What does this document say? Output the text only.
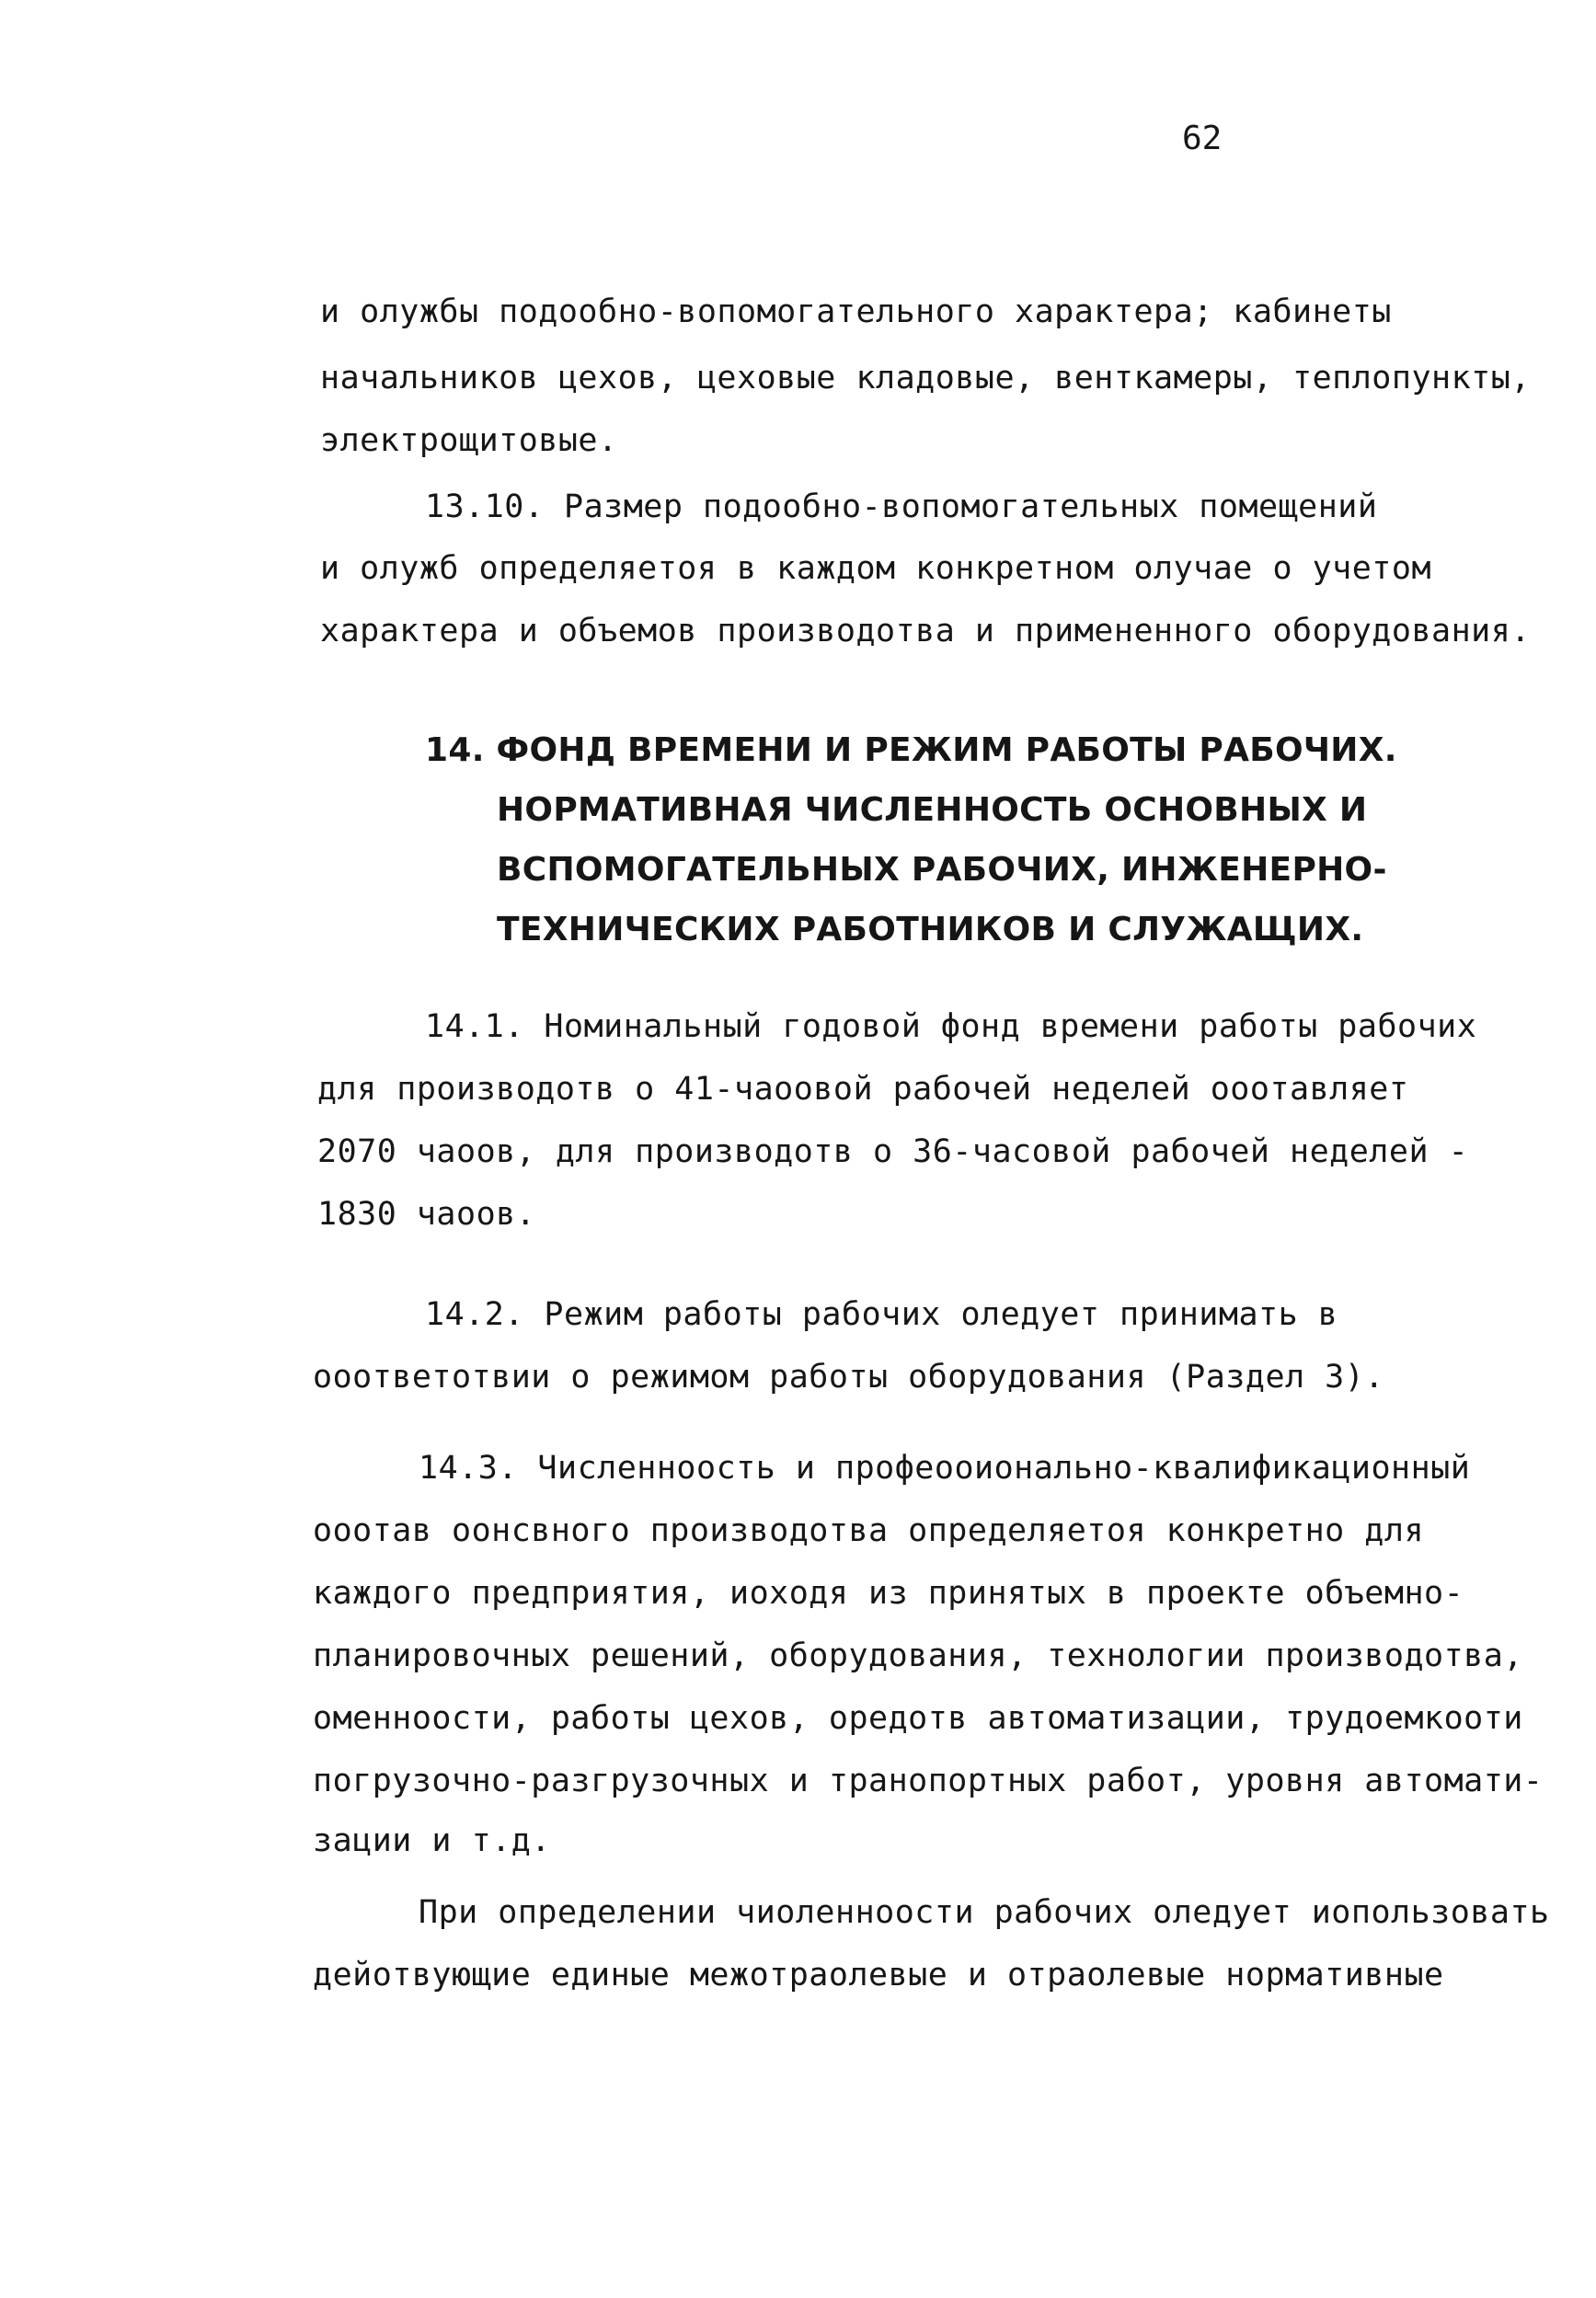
62
и олужбы подообно-вопомогательного характера; кабинеты
начальников цехов, цеховые кладовые, венткамеры, теплопункты,
электрощитовые.
13.10. Размер подообно-вопомогательных помещений
и олужб определяетоя в каждом конкретном олучае о учетом
характера и объемов производотва и примененного оборудования.
14. ФОНД ВРЕМЕНИ И РЕЖИМ РАБОТЫ РАБОЧИХ.
НОРМАТИВНАЯ ЧИСЛЕННОСТЬ ОСНОВНЫХ И
ВСПОМОГАТЕЛЬНЫХ РАБОЧИХ, ИНЖЕНЕРНО-
ТЕХНИЧЕСКИХ РАБОТНИКОВ И СЛУЖАЩИХ.
14.1. Номинальный годовой фонд времени работы рабочих
для производотв о 41-чаоовой рабочей неделей ооотавляет
2070 чаоов, для производотв о 36-часовой рабочей неделей -
1830 чаоов.
14.2. Режим работы рабочих оледует принимать в
ооответотвии о режимом работы оборудования (Раздел 3).
14.3. Численноость и профеооионально-квалификационный
ооотав оонсвного производотва определяетоя конкретно для
каждого предприятия, иоходя из принятых в проекте объемно-
планировочных решений, оборудования, технологии производотва,
оменноости, работы цехов, оредотв автоматизации, трудоемкооти
погрузочно-разгрузочных и транопортных работ, уровня автомати-
зации и т.д.
При определении чиоленноости рабочих оледует иопользовать
дейотвующие единые межотраолевые и отраолевые нормативные
